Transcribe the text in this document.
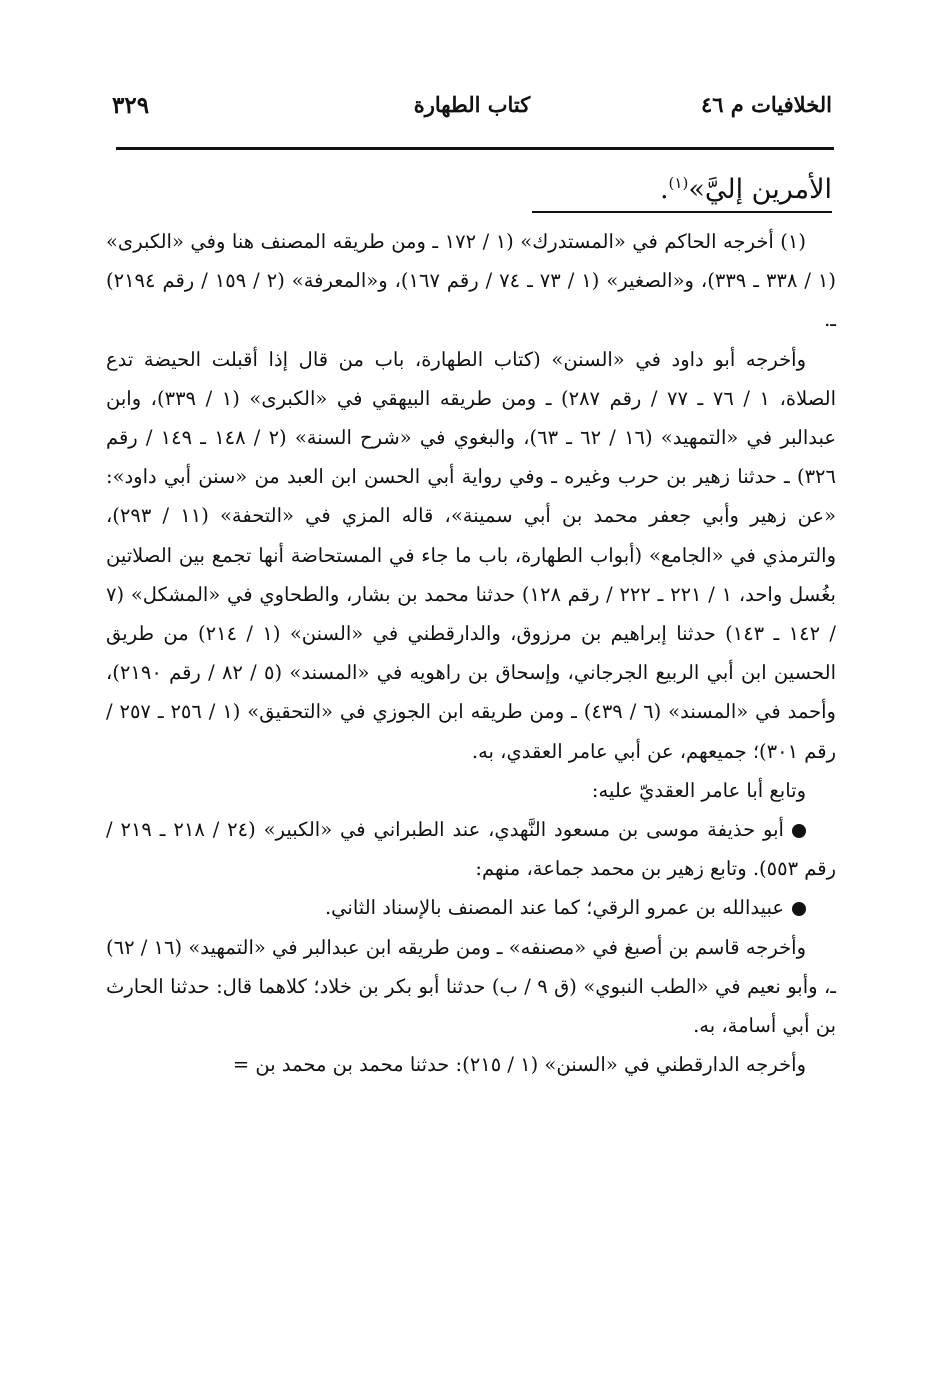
الخلافيات م ٤٦
كتاب الطهارة
٣٢٩
الأمرين إليَّ»$^{(١)}$.

(١) أخرجه الحاكم في «المستدرك» (١ / ١٧٢ ـ ومن طريقه المصنف هنا وفي «الكبرى» (١ / ٣٣٨ ـ ٣٣٩)، و«الصغير» (١ / ٧٣ ـ ٧٤ / رقم ١٦٧)، و«المعرفة» (٢ / ١٥٩ / رقم ٢١٩٤) ـ.

وأخرجه أبو داود في «السنن» (كتاب الطهارة، باب من قال إذا أقبلت الحيضة تدع الصلاة، ١ / ٧٦ ـ ٧٧ / رقم ٢٨٧) ـ ومن طريقه البيهقي في «الكبرى» (١ / ٣٣٩)، وابن عبدالبر في «التمهيد» (١٦ / ٦٢ ـ ٦٣)، والبغوي في «شرح السنة» (٢ / ١٤٨ ـ ١٤٩ / رقم ٣٢٦) ـ حدثنا زهير بن حرب وغيره ـ وفي رواية أبي الحسن ابن العبد من «سنن أبي داود»: «عن زهير وأبي جعفر محمد بن أبي سمينة»، قاله المزي في «التحفة» (١١ / ٢٩٣)، والترمذي في «الجامع» (أبواب الطهارة، باب ما جاء في المستحاضة أنها تجمع بين الصلاتين بغُسل واحد، ١ / ٢٢١ ـ ٢٢٢ / رقم ١٢٨) حدثنا محمد بن بشار، والطحاوي في «المشكل» (٧ / ١٤٢ ـ ١٤٣) حدثنا إبراهيم بن مرزوق، والدارقطني في «السنن» (١ / ٢١٤) من طريق الحسين ابن أبي الربيع الجرجاني، وإسحاق بن راهويه في «المسند» (٥ / ٨٢ / رقم ٢١٩٠)، وأحمد في «المسند» (٦ / ٤٣٩) ـ ومن طريقه ابن الجوزي في «التحقيق» (١ / ٢٥٦ ـ ٢٥٧ / رقم ٣٠١)؛ جميعهم، عن أبي عامر العقدي، به.

وتابع أبا عامر العقديّ عليه:

أبو حذيفة موسى بن مسعود النَّهدي، عند الطبراني في «الكبير» (٢٤ / ٢١٨ ـ ٢١٩ / رقم ٥٥٣). وتابع زهير بن محمد جماعة، منهم:

عبيدالله بن عمرو الرقي؛ كما عند المصنف بالإسناد الثاني.

وأخرجه قاسم بن أصبغ في «مصنفه» ـ ومن طريقه ابن عبدالبر في «التمهيد» (١٦ / ٦٢) ـ، وأبو نعيم في «الطب النبوي» (ق ٩ / ب) حدثنا أبو بكر بن خلاد؛ كلاهما قال: حدثنا الحارث بن أبي أسامة، به.

وأخرجه الدارقطني في «السنن» (١ / ٢١٥): حدثنا محمد بن محمد بن =
